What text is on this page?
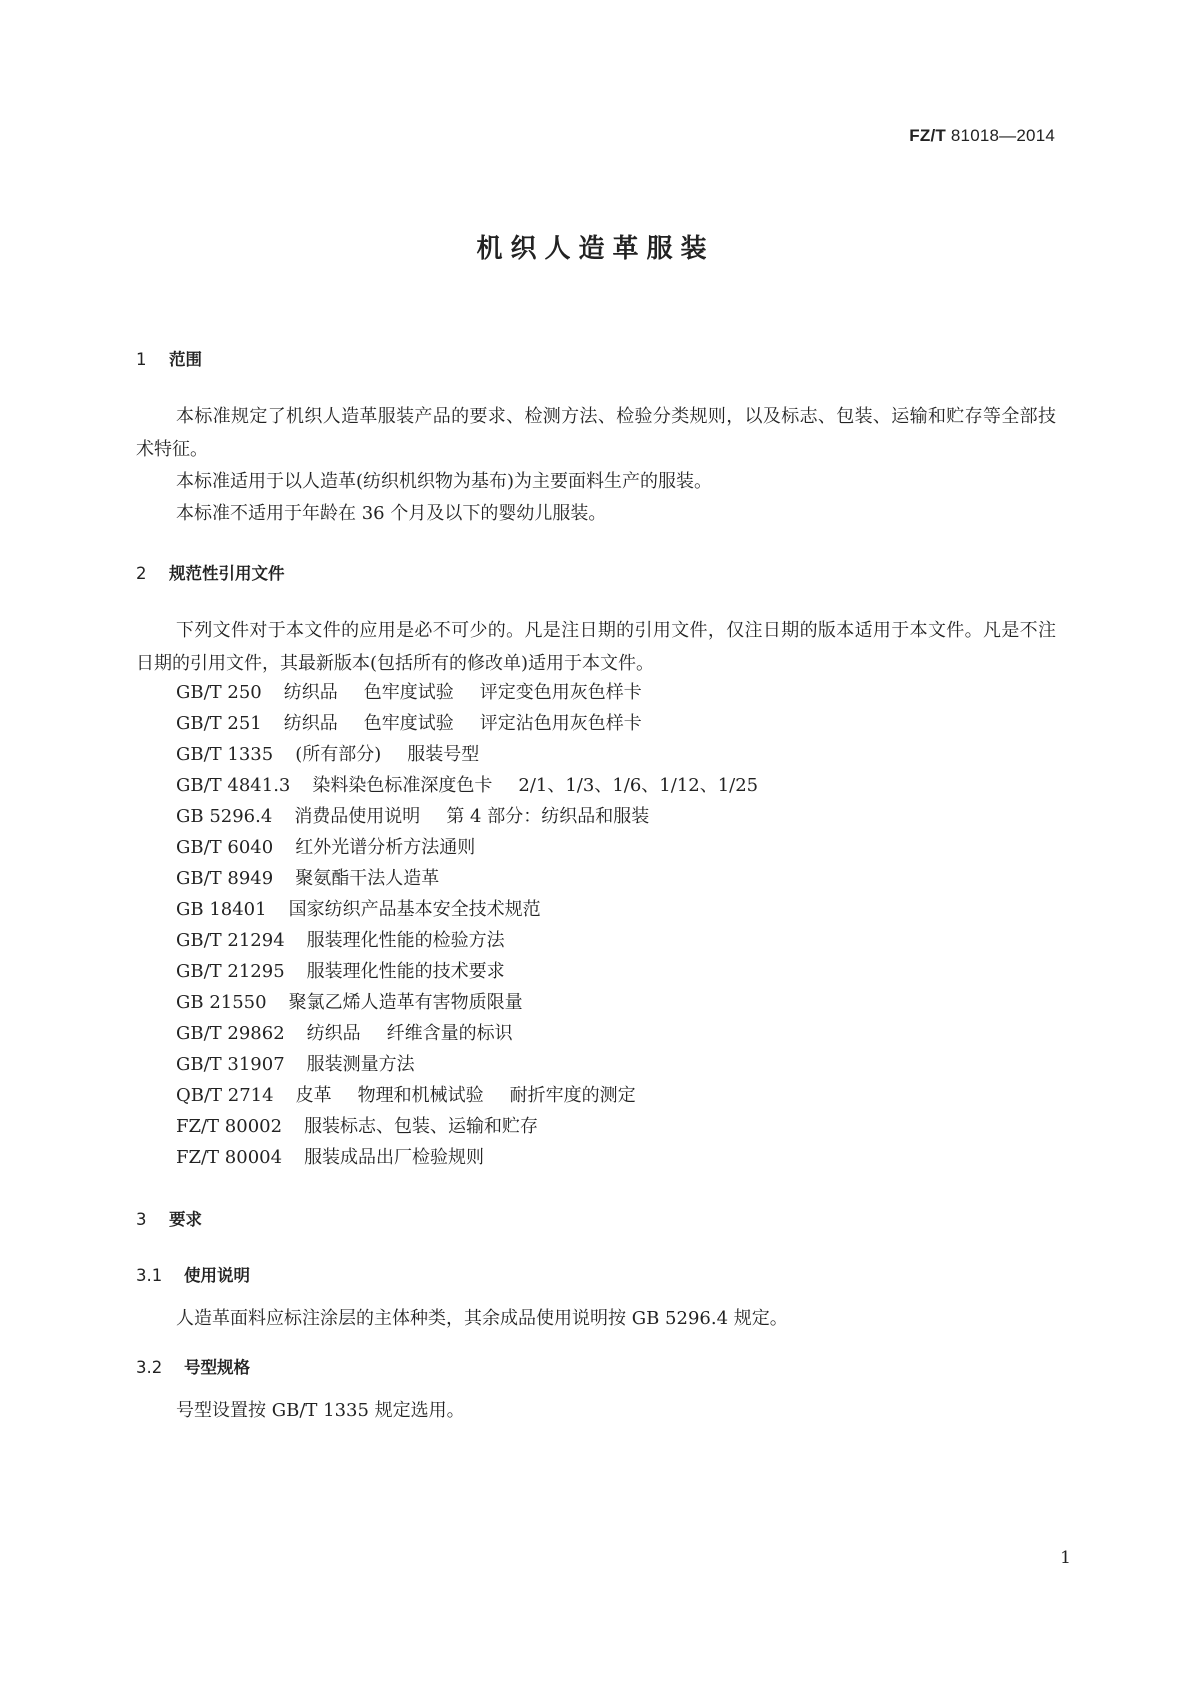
FZ/T 81018—2014
机织人造革服装
1 范围
本标准规定了机织人造革服装产品的要求、检测方法、检验分类规则，以及标志、包装、运输和贮存等全部技术特征。
本标准适用于以人造革(纺织机织物为基布)为主要面料生产的服装。
本标准不适用于年龄在 36 个月及以下的婴幼儿服装。
2 规范性引用文件
下列文件对于本文件的应用是必不可少的。凡是注日期的引用文件，仅注日期的版本适用于本文件。凡是不注日期的引用文件，其最新版本(包括所有的修改单)适用于本文件。
GB/T 250 纺织品 色牢度试验 评定变色用灰色样卡
GB/T 251 纺织品 色牢度试验 评定沾色用灰色样卡
GB/T 1335 (所有部分) 服装号型
GB/T 4841.3 染料染色标准深度色卡 2/1、1/3、1/6、1/12、1/25
GB 5296.4 消费品使用说明 第 4 部分：纺织品和服装
GB/T 6040 红外光谱分析方法通则
GB/T 8949 聚氨酯干法人造革
GB 18401 国家纺织产品基本安全技术规范
GB/T 21294 服装理化性能的检验方法
GB/T 21295 服装理化性能的技术要求
GB 21550 聚氯乙烯人造革有害物质限量
GB/T 29862 纺织品 纤维含量的标识
GB/T 31907 服装测量方法
QB/T 2714 皮革 物理和机械试验 耐折牢度的测定
FZ/T 80002 服装标志、包装、运输和贮存
FZ/T 80004 服装成品出厂检验规则
3 要求
3.1 使用说明
人造革面料应标注涂层的主体种类，其余成品使用说明按 GB 5296.4 规定。
3.2 号型规格
号型设置按 GB/T 1335 规定选用。
1
